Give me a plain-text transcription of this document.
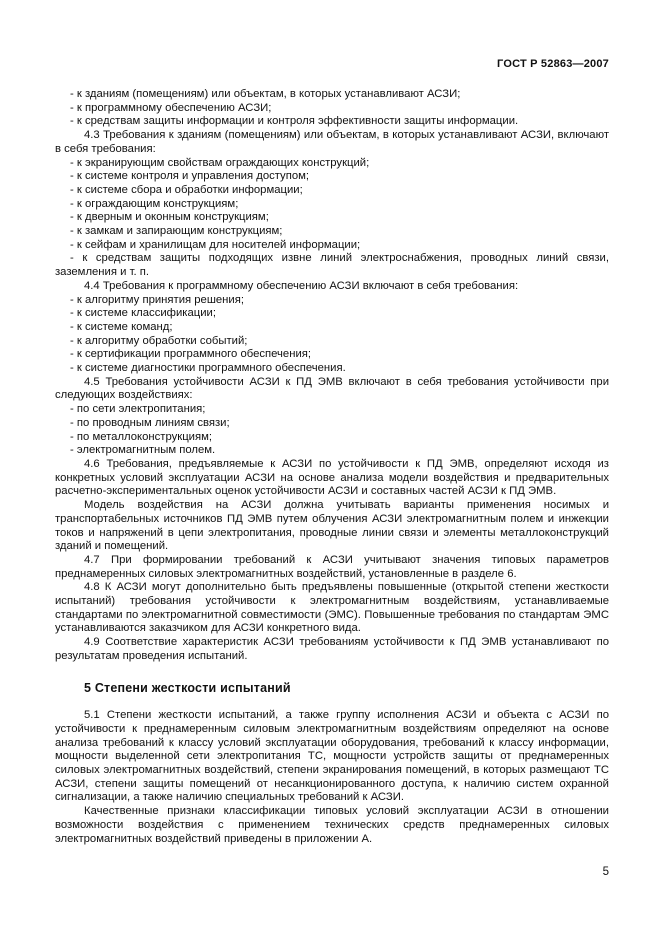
ГОСТ Р 52863—2007

- к зданиям (помещениям) или объектам, в которых устанавливают АСЗИ;

- к программному обеспечению АСЗИ;

- к средствам защиты информации и контроля эффективности защиты информации.

4.3 Требования к зданиям (помещениям) или объектам, в которых устанавливают АСЗИ, включают в себя требования:

- к экранирующим свойствам ограждающих конструкций;

- к системе контроля и управления доступом;

- к системе сбора и обработки информации;

- к ограждающим конструкциям;

- к дверным и оконным конструкциям;

- к замкам и запирающим конструкциям;

- к сейфам и хранилищам для носителей информации;

- к средствам защиты подходящих извне линий электроснабжения, проводных линий связи, заземления и т. п.

4.4 Требования к программному обеспечению АСЗИ включают в себя требования:

- к алгоритму принятия решения;

- к системе классификации;

- к системе команд;

- к алгоритму обработки событий;

- к сертификации программного обеспечения;

- к системе диагностики программного обеспечения.

4.5 Требования устойчивости АСЗИ к ПД ЭМВ включают в себя требования устойчивости при следующих воздействиях:

- по сети электропитания;

- по проводным линиям связи;

- по металлоконструкциям;

- электромагнитным полем.

4.6 Требования, предъявляемые к АСЗИ по устойчивости к ПД ЭМВ, определяют исходя из конкретных условий эксплуатации АСЗИ на основе анализа модели воздействия и предварительных расчетно-экспериментальных оценок устойчивости АСЗИ и составных частей АСЗИ к ПД ЭМВ.

Модель воздействия на АСЗИ должна учитывать варианты применения носимых и транспортабельных источников ПД ЭМВ путем облучения АСЗИ электромагнитным полем и инжекции токов и напряжений в цепи электропитания, проводные линии связи и элементы металлоконструкций зданий и помещений.

4.7 При формировании требований к АСЗИ учитывают значения типовых параметров преднамеренных силовых электромагнитных воздействий, установленные в разделе 6.

4.8 К АСЗИ могут дополнительно быть предъявлены повышенные (открытой степени жесткости испытаний) требования устойчивости к электромагнитным воздействиям, устанавливаемые стандартами по электромагнитной совместимости (ЭМС). Повышенные требования по стандартам ЭМС устанавливаются заказчиком для АСЗИ конкретного вида.

4.9 Соответствие характеристик АСЗИ требованиям устойчивости к ПД ЭМВ устанавливают по результатам проведения испытаний.

5 Степени жесткости испытаний

5.1 Степени жесткости испытаний, а также группу исполнения АСЗИ и объекта с АСЗИ по устойчивости к преднамеренным силовым электромагнитным воздействиям определяют на основе анализа требований к классу условий эксплуатации оборудования, требований к классу информации, мощности выделенной сети электропитания ТС, мощности устройств защиты от преднамеренных силовых электромагнитных воздействий, степени экранирования помещений, в которых размещают ТС АСЗИ, степени защиты помещений от несанкционированного доступа, к наличию систем охранной сигнализации, а также наличию специальных требований к АСЗИ.

Качественные признаки классификации типовых условий эксплуатации АСЗИ в отношении возможности воздействия с применением технических средств преднамеренных силовых электромагнитных воздействий приведены в приложении А.

5
